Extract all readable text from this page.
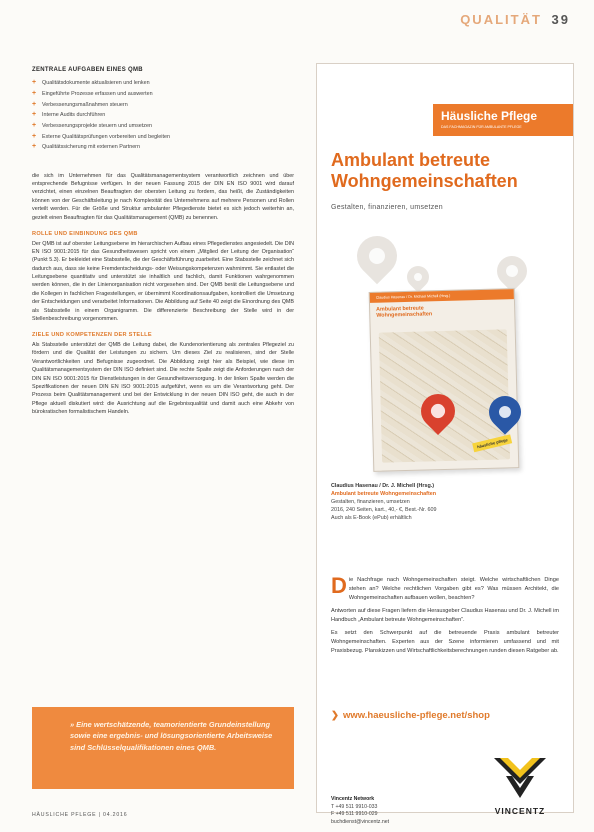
QUALITÄT 39
ZENTRALE AUFGABEN EINES QMB
+ Qualitätsdokumente aktualisieren und lenken
+ Eingeführte Prozesse erfassen und auswerten
+ Verbesserungsmaßnahmen steuern
+ Interne Audits durchführen
+ Verbesserungsprojekte steuern und umsetzen
+ Externe Qualitätsprüfungen vorbereiten und begleiten
+ Qualitätssicherung mit externen Partnern

die sich im Unternehmen für das Qualitätsmanagementsystem verantwortlich zeichnen und über entsprechende Befugnisse verfügen. In der neuen Fassung 2015 der DIN EN ISO 9001 wird darauf verzichtet, einen einzelnen Beauftragten der obersten Leitung zu fordern, das heißt, die Zuständigkeiten können von der Geschäftsleitung je nach Komplexität des Unternehmens auf mehrere Personen und Rollen verteilt werden. Für die Größe und Struktur ambulanter Pflegedienste bietet es sich jedoch weiterhin an, gezielt einen Beauftragten für das Qualitätsmanagement (QMB) zu benennen.

ROLLE UND EINBINDUNG DES QMB

Der QMB ist auf oberster Leitungsebene im hierarchischen Aufbau eines Pflegedienstes angesiedelt. Die DIN EN ISO 9001:2015 für das Gesundheitswesen spricht von einem „Mitglied der Leitung der Organisation“ (Punkt 5.3). Er bekleidet eine Stabsstelle, die der Geschäftsführung zuarbeitet. Eine Stabsstelle zeichnet sich dadurch aus, dass sie keine Fremdentscheidungs- oder Weisungskompetenzen wahrnimmt. Sie entlastet die Leitungsebene quantitativ und unterstützt sie inhaltlich und fachlich, damit Funktionen wahrgenommen werden können, die in der Linienorganisation nicht vorgesehen sind. Der QMB berät die Leitungsebene und die Kollegen in fachlichen Fragestellungen, er übernimmt Koordinationsaufgaben, kontrolliert die Umsetzung der Entscheidungen und verarbeitet Informationen. Die Abbildung auf Seite 40 zeigt die Einordnung des QMB als Stabsstelle in einem Organigramm. Die differenzierte Beschreibung der Stelle wird in der Stellenbeschreibung vorgenommen.

ZIELE UND KOMPETENZEN DER STELLE

Als Stabsstelle unterstützt der QMB die Leitung dabei, die Kundenorientierung als zentrales Pflegeziel zu fördern und die Qualität der Leistungen zu sichern. Um dieses Ziel zu realisieren, sind der Stelle Verantwortlichkeiten und Befugnisse zugeordnet. Die Abbildung zeigt hier als Beispiel, wie diese im Qualitätsmanagementsystem der DIN ISO definiert sind. Die rechte Spalte zeigt die Anforderungen nach der DIN EN ISO 9001:2015 für Dienstleistungen in der Gesundheitsversorgung. In der linken Spalte werden die Spezifikationen der neuen DIN EN ISO 9001:2015 aufgeführt, wenn es um die Verantwortung geht. Der Prozess beim Qualitätsmanagement und bei der Entwicklung in der neuen DIN ISO geht, die auch in der Pflege aktuell diskutiert wird: die Ausrichtung auf die Ergebnisqualität und damit auch eine Abkehr von bürokratischen formalistischem Handeln.

» Eine wertschätzende, teamorientierte Grundeinstellung sowie eine ergebnis- und lösungsorientierte Arbeitsweise sind Schlüsselqualifikationen eines QMB.

HÄUSLICHE PFLEGE | 04.2016
Häusliche Pflege
DAS FACHMAGAZIN FÜR AMBULANTE PFLEGE
Ambulant betreute
Wohngemeinschaften
Gestalten, finanzieren, umsetzen
Claudius Hasenau / Dr. Michael Michell (Hrsg.)
Ambulant betreute
Wohngemeinschaften
häusliche pflege
Claudius Hasenau / Dr. J. Michell (Hrsg.)
Ambulant betreute Wohngemeinschaften
Gestalten, finanzieren, umsetzen
2016, 240 Seiten, kart., 40,- €, Best.-Nr. 609
Auch als E-Book (ePub) erhältlich

Die Nachfrage nach Wohngemeinschaften steigt. Welche wirtschaftlichen Dinge stehen an? Welche rechtlichen Vorgaben gibt es? Was müssen Architekt, die Wohngemeinschaften aufbauen wollen, beachten?

Antworten auf diese Fragen liefern die Herausgeber Claudius Hasenau und Dr. J. Michell im Handbuch „Ambulant betreute Wohngemeinschaften“.

Es setzt den Schwerpunkt auf die betreuende Praxis ambulant betreuter Wohngemeinschaften. Experten aus der Szene informieren umfassend und mit Praxisbezug. Planskizzen und Wirtschaftlichkeitsberechnungen runden diesen Ratgeber ab.

❯ www.haeusliche-pflege.net/shop
Vincentz Network
T +49 511 9910-033
F +49 511 9910-029
buchdienst@vincentz.net
VINCENTZ
